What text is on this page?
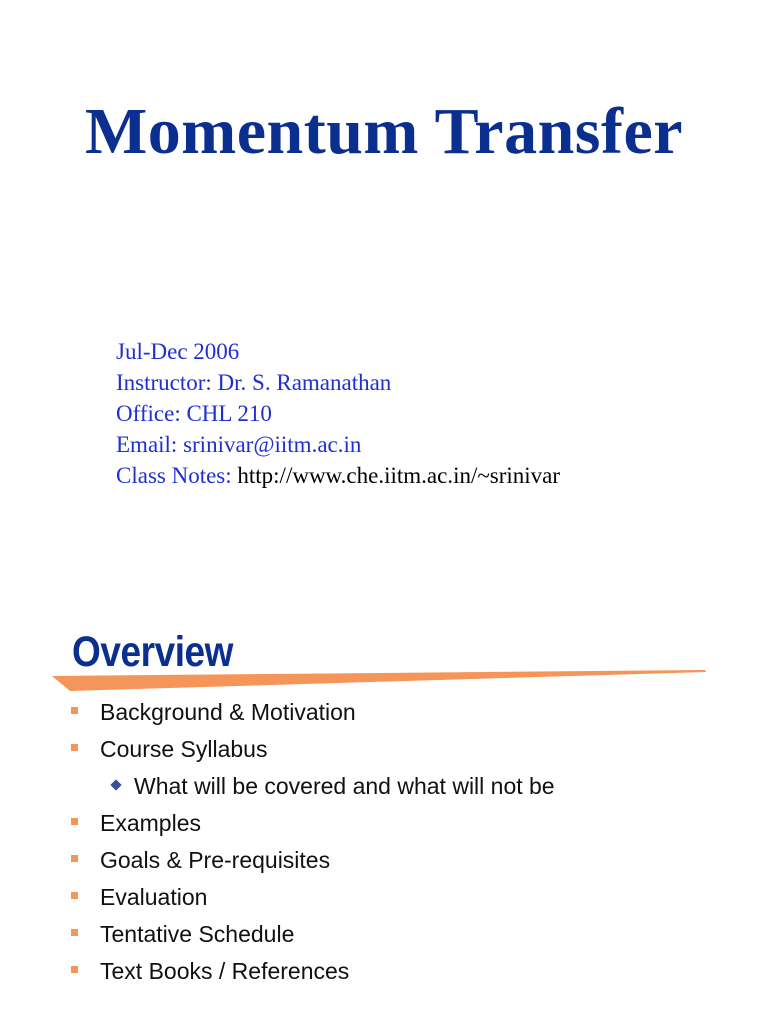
Momentum Transfer
Jul-Dec 2006
Instructor: Dr. S. Ramanathan
Office: CHL 210
Email: srinivar@iitm.ac.in
Class Notes: http://www.che.iitm.ac.in/~srinivar
Overview
Background & Motivation
Course Syllabus
What will be covered and what will not be
Examples
Goals & Pre-requisites
Evaluation
Tentative Schedule
Text Books / References
